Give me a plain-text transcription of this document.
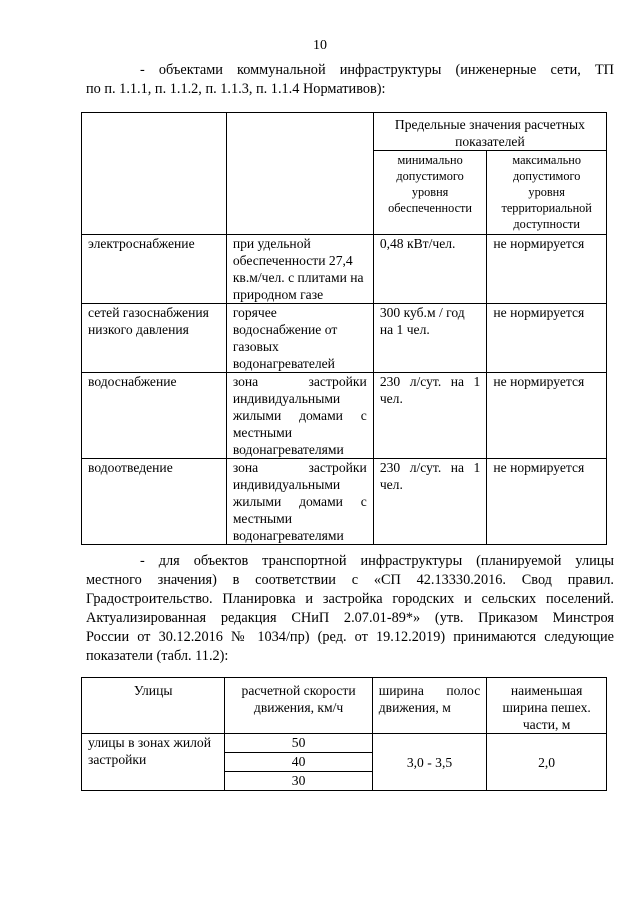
10
- объектами коммунальной инфраструктуры (инженерные сети, ТП
по п. 1.1.1, п. 1.1.2, п. 1.1.3, п. 1.1.4 Нормативов):
		Предельные значения расчетных показателей	
		минимально допустимого уровня обеспеченности	максимально допустимого уровня территориальной доступности
электроснабжение	при удельной обеспеченности 27,4 кв.м/чел. с плитами на природном газе	0,48 кВт/чел.	не нормируется
сетей газоснабжения низкого давления	горячее водоснабжение от газовых водонагревателей	300 куб.м / год на 1 чел.	не нормируется
водоснабжение	зона застройки индивидуальными жилыми домами с местными водонагревателями	230 л/сут. на 1 чел.	не нормируется
водоотведение	зона застройки индивидуальными жилыми домами с местными водонагревателями	230 л/сут. на 1 чел.	не нормируется
- для объектов транспортной инфраструктуры (планируемой улицы
местного значения) в соответствии с «СП 42.13330.2016. Свод правил.
Градостроительство. Планировка и застройка городских и сельских поселений.
Актуализированная редакция СНиП 2.07.01-89*» (утв. Приказом Минстроя
России от 30.12.2016 № 1034/пр) (ред. от 19.12.2019) принимаются следующие
показатели (табл. 11.2):
Улицы	расчетной скорости движения, км/ч	ширина полос движения, м	наименьшая ширина пешех. части, м
улицы в зонах жилой застройки	50	3,0 - 3,5	2,0
	40		
	30		
